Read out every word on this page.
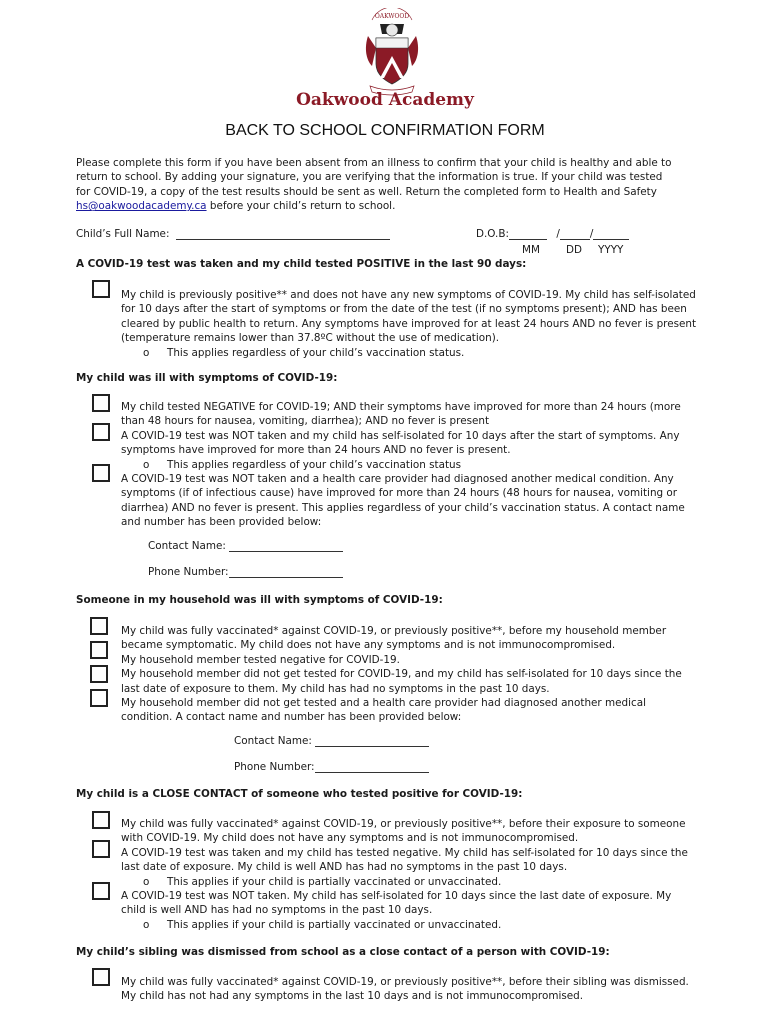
OAKWOOD
Oakwood Academy
BACK TO SCHOOL CONFIRMATION FORM
Please complete this form if you have been absent from an illness to confirm that your child is healthy and able to return to school. By adding your signature, you are verifying that the information is true. If your child was tested for COVID-19, a copy of the test results should be sent as well. Return the completed form to Health and Safety hs@oakwoodacademy.ca before your child’s return to school.
Child’s Full Name:	D.O.B:	/	/
MM	DD YYYY
A COVID-19 test was taken and my child tested POSITIVE in the last 90 days:

My child is previously positive** and does not have any new symptoms of COVID-19. My child has self-isolated for 10 days after the start of symptoms or from the date of the test (if no symptoms present); AND has been cleared by public health to return. Any symptoms have improved for at least 24 hours AND no fever is present (temperature remains lower than 37.8ºC without the use of medication).

o	This applies regardless of your child’s vaccination status.
My child was ill with symptoms of COVID-19:

My child tested NEGATIVE for COVID-19; AND their symptoms have improved for more than 24 hours (more than 48 hours for nausea, vomiting, diarrhea); AND no fever is present

A COVID-19 test was NOT taken and my child has self-isolated for 10 days after the start of symptoms. Any symptoms have improved for more than 24 hours AND no fever is present.

o	This applies regardless of your child’s vaccination status

A COVID-19 test was NOT taken and a health care provider had diagnosed another medical condition. Any symptoms (if of infectious cause) have improved for more than 24 hours (48 hours for nausea, vomiting or diarrhea) AND no fever is present. This applies regardless of your child’s vaccination status. A contact name and number has been provided below:

Contact Name:
Phone Number:
Someone in my household was ill with symptoms of COVID-19:

My child was fully vaccinated* against COVID-19, or previously positive**, before my household member became symptomatic. My child does not have any symptoms and is not immunocompromised.

My household member tested negative for COVID-19.

My household member did not get tested for COVID-19, and my child has self-isolated for 10 days since the last date of exposure to them. My child has had no symptoms in the past 10 days.

My household member did not get tested and a health care provider had diagnosed another medical condition. A contact name and number has been provided below:

Contact Name:
Phone Number:
My child is a CLOSE CONTACT of someone who tested positive for COVID-19:

My child was fully vaccinated* against COVID-19, or previously positive**, before their exposure to someone with COVID-19. My child does not have any symptoms and is not immunocompromised.

A COVID-19 test was taken and my child has tested negative. My child has self-isolated for 10 days since the last date of exposure. My child is well AND has had no symptoms in the past 10 days.

o	This applies if your child is partially vaccinated or unvaccinated.

A COVID-19 test was NOT taken. My child has self-isolated for 10 days since the last date of exposure. My child is well AND has had no symptoms in the past 10 days.

o	This applies if your child is partially vaccinated or unvaccinated.
My child’s sibling was dismissed from school as a close contact of a person with COVID-19:

My child was fully vaccinated* against COVID-19, or previously positive**, before their sibling was dismissed. My child has not had any symptoms in the last 10 days and is not immunocompromised.
